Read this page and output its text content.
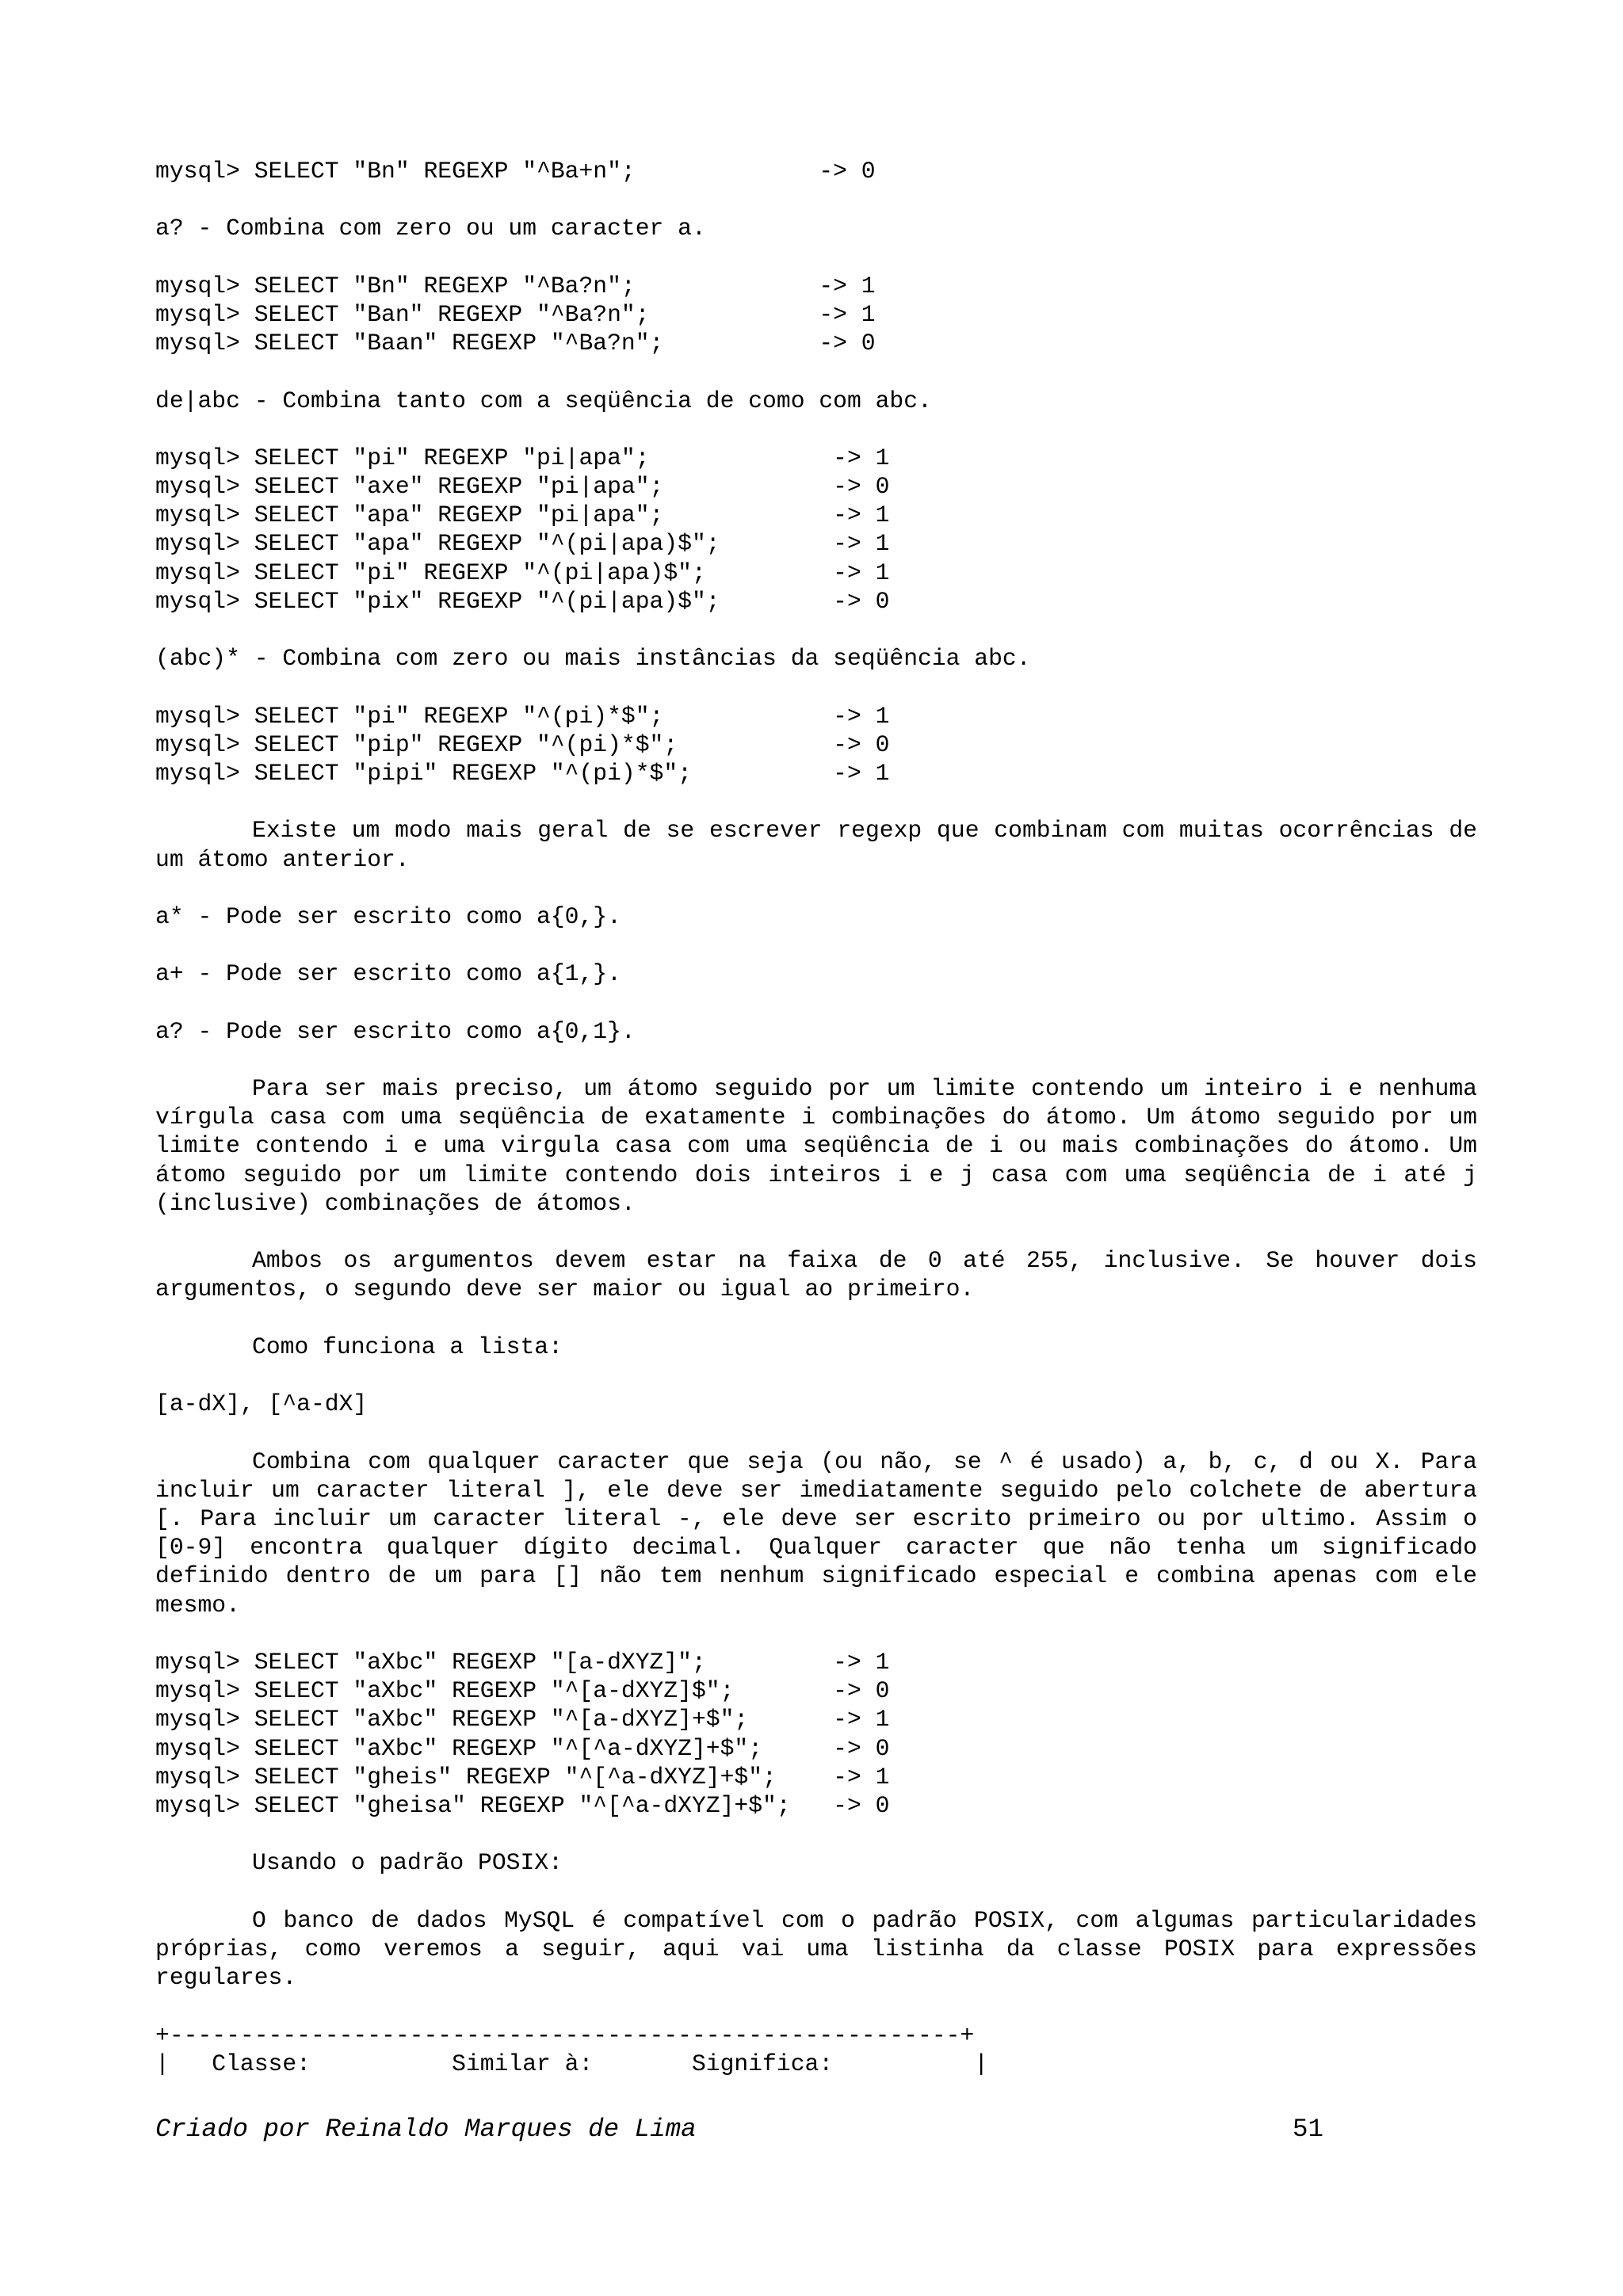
mysql> SELECT "Bn" REGEXP "^Ba+n";             -> 0
a? - Combina com zero ou um caracter a.
mysql> SELECT "Bn" REGEXP "^Ba?n";             -> 1
mysql> SELECT "Ban" REGEXP "^Ba?n";            -> 1
mysql> SELECT "Baan" REGEXP "^Ba?n";           -> 0
de|abc - Combina tanto com a seqüência de como com abc.
mysql> SELECT "pi" REGEXP "pi|apa";             -> 1
mysql> SELECT "axe" REGEXP "pi|apa";            -> 0
mysql> SELECT "apa" REGEXP "pi|apa";            -> 1
mysql> SELECT "apa" REGEXP "^(pi|apa)$";        -> 1
mysql> SELECT "pi" REGEXP "^(pi|apa)$";         -> 1
mysql> SELECT "pix" REGEXP "^(pi|apa)$";        -> 0
(abc)* - Combina com zero ou mais instâncias da seqüência abc.
mysql> SELECT "pi" REGEXP "^(pi)*$";            -> 1
mysql> SELECT "pip" REGEXP "^(pi)*$";           -> 0
mysql> SELECT "pipi" REGEXP "^(pi)*$";          -> 1
Existe um modo mais geral de se escrever regexp que combinam com muitas ocorrências de um átomo anterior.
a* - Pode ser escrito como a{0,}.
a+ - Pode ser escrito como a{1,}.
a? - Pode ser escrito como a{0,1}.
Para ser mais preciso, um átomo seguido por um limite contendo um inteiro i e nenhuma vírgula casa com uma seqüência de exatamente i combinações do átomo. Um átomo seguido por um limite contendo i e uma virgula casa com uma seqüência de i ou mais combinações do átomo. Um átomo seguido por um limite contendo dois inteiros i e j casa com uma seqüência de i até j (inclusive) combinações de átomos.
Ambos os argumentos devem estar na faixa de 0 até 255, inclusive. Se houver dois argumentos, o segundo deve ser maior ou igual ao primeiro.
Como funciona a lista:
[a-dX], [^a-dX]
Combina com qualquer caracter que seja (ou não, se ^ é usado) a, b, c, d ou X. Para incluir um caracter literal ], ele deve ser imediatamente seguido pelo colchete de abertura [. Para incluir um caracter literal -, ele deve ser escrito primeiro ou por ultimo. Assim o [0-9] encontra qualquer dígito decimal. Qualquer caracter que não tenha um significado definido dentro de um para [] não tem nenhum significado especial e combina apenas com ele mesmo.
mysql> SELECT "aXbc" REGEXP "[a-dXYZ]";         -> 1
mysql> SELECT "aXbc" REGEXP "^[a-dXYZ]$";       -> 0
mysql> SELECT "aXbc" REGEXP "^[a-dXYZ]+$";      -> 1
mysql> SELECT "aXbc" REGEXP "^[^a-dXYZ]+$";     -> 0
mysql> SELECT "gheis" REGEXP "^[^a-dXYZ]+$";    -> 1
mysql> SELECT "gheisa" REGEXP "^[^a-dXYZ]+$";   -> 0
Usando o padrão POSIX:
O banco de dados MySQL é compatível com o padrão POSIX, com algumas particularidades próprias, como veremos a seguir, aqui vai uma listinha da classe POSIX para expressões regulares.
+--------------------------------------------------------+
|   Classe:          Similar à:       Significa:          |
Criado por Reinaldo Marques de Lima	51
